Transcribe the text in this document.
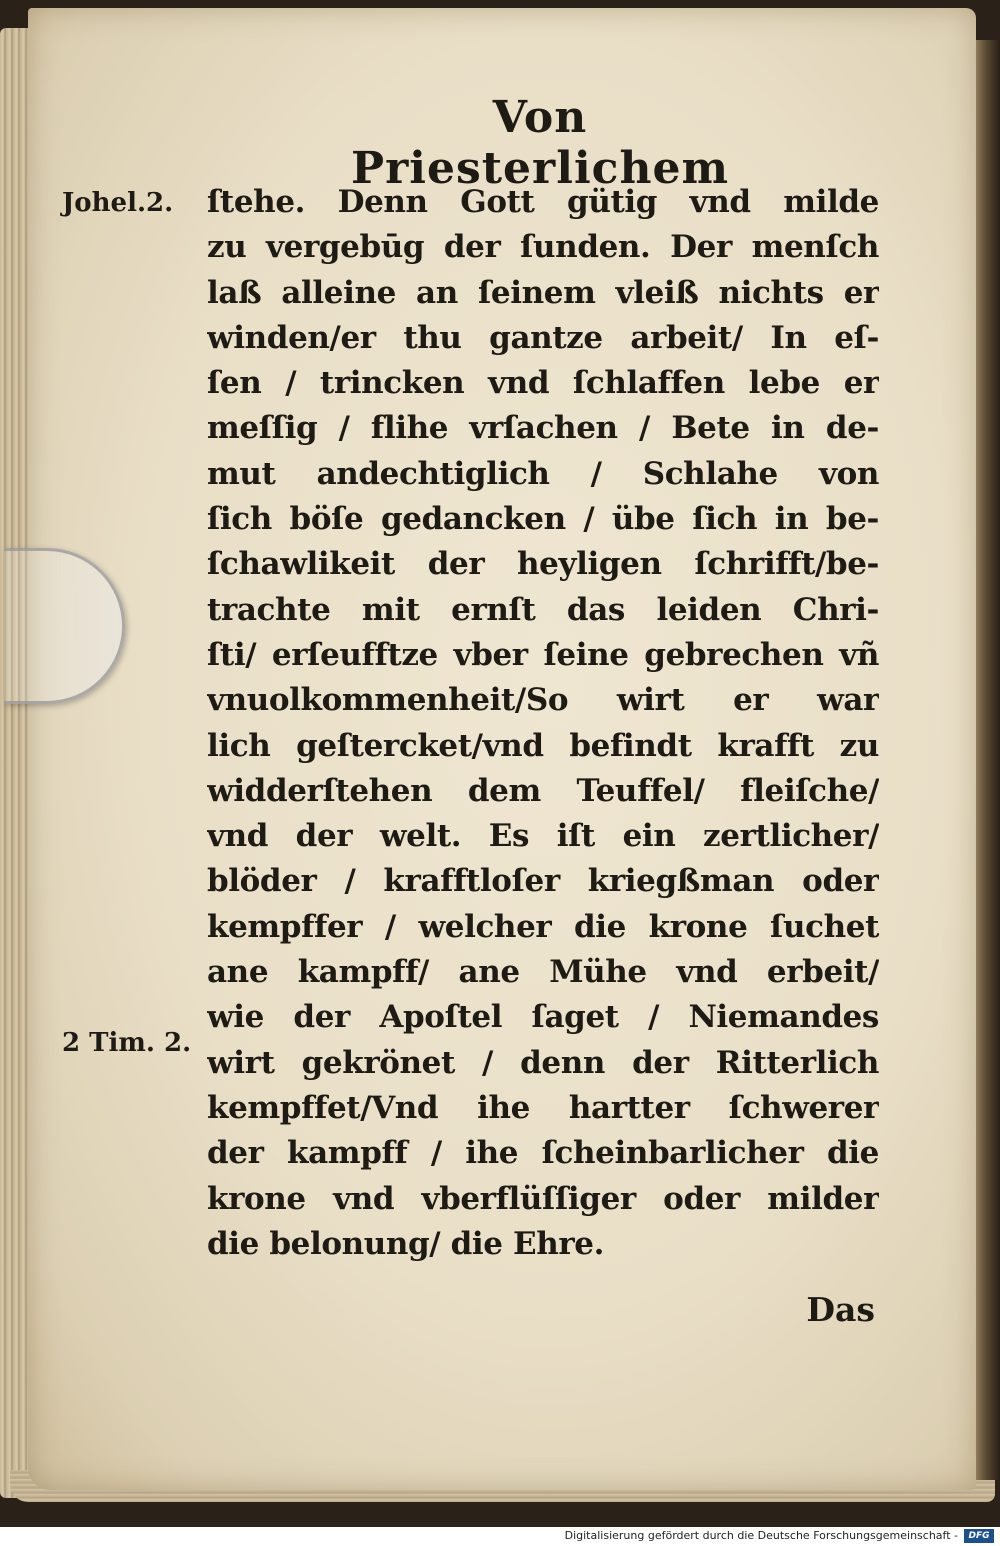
Von Priesterlichem
Johel.2.
2 Tim. 2.
ſtehe. Denn Gott gütig vnd milde
zu vergebūg der ſunden. Der menſch
laß alleine an ſeinem vleiß nichts er
winden/er thu gantze arbeit/ In eſ-
ſen / trincken vnd ſchlaffen lebe er
meſſig / flihe vrſachen / Bete in de-
mut andechtiglich / Schlahe von
ſich böſe gedancken / übe ſich in be-
ſchawlikeit der heyligen ſchrifft/be-
trachte mit ernſt das leiden Chri-
ſti/ erſeufftze vber ſeine gebrechen vñ
vnuolkommenheit/So wirt er war
lich geſtercket/vnd befindt krafft zu
widderſtehen dem Teuffel/ fleiſche/
vnd der welt. Es iſt ein zertlicher/
blöder / krafftloſer kriegßman oder
kempffer / welcher die krone ſuchet
ane kampff/ ane Mühe vnd erbeit/
wie der Apoſtel ſaget / Niemandes
wirt gekrönet / denn der Ritterlich
kempffet/Vnd ihe hartter ſchwerer
der kampff / ihe ſcheinbarlicher die
krone vnd vberflüſſiger oder milder
die belonung/ die Ehre.
Das
Digitalisierung gefördert durch die Deutsche Forschungsgemeinschaft -	DFG
